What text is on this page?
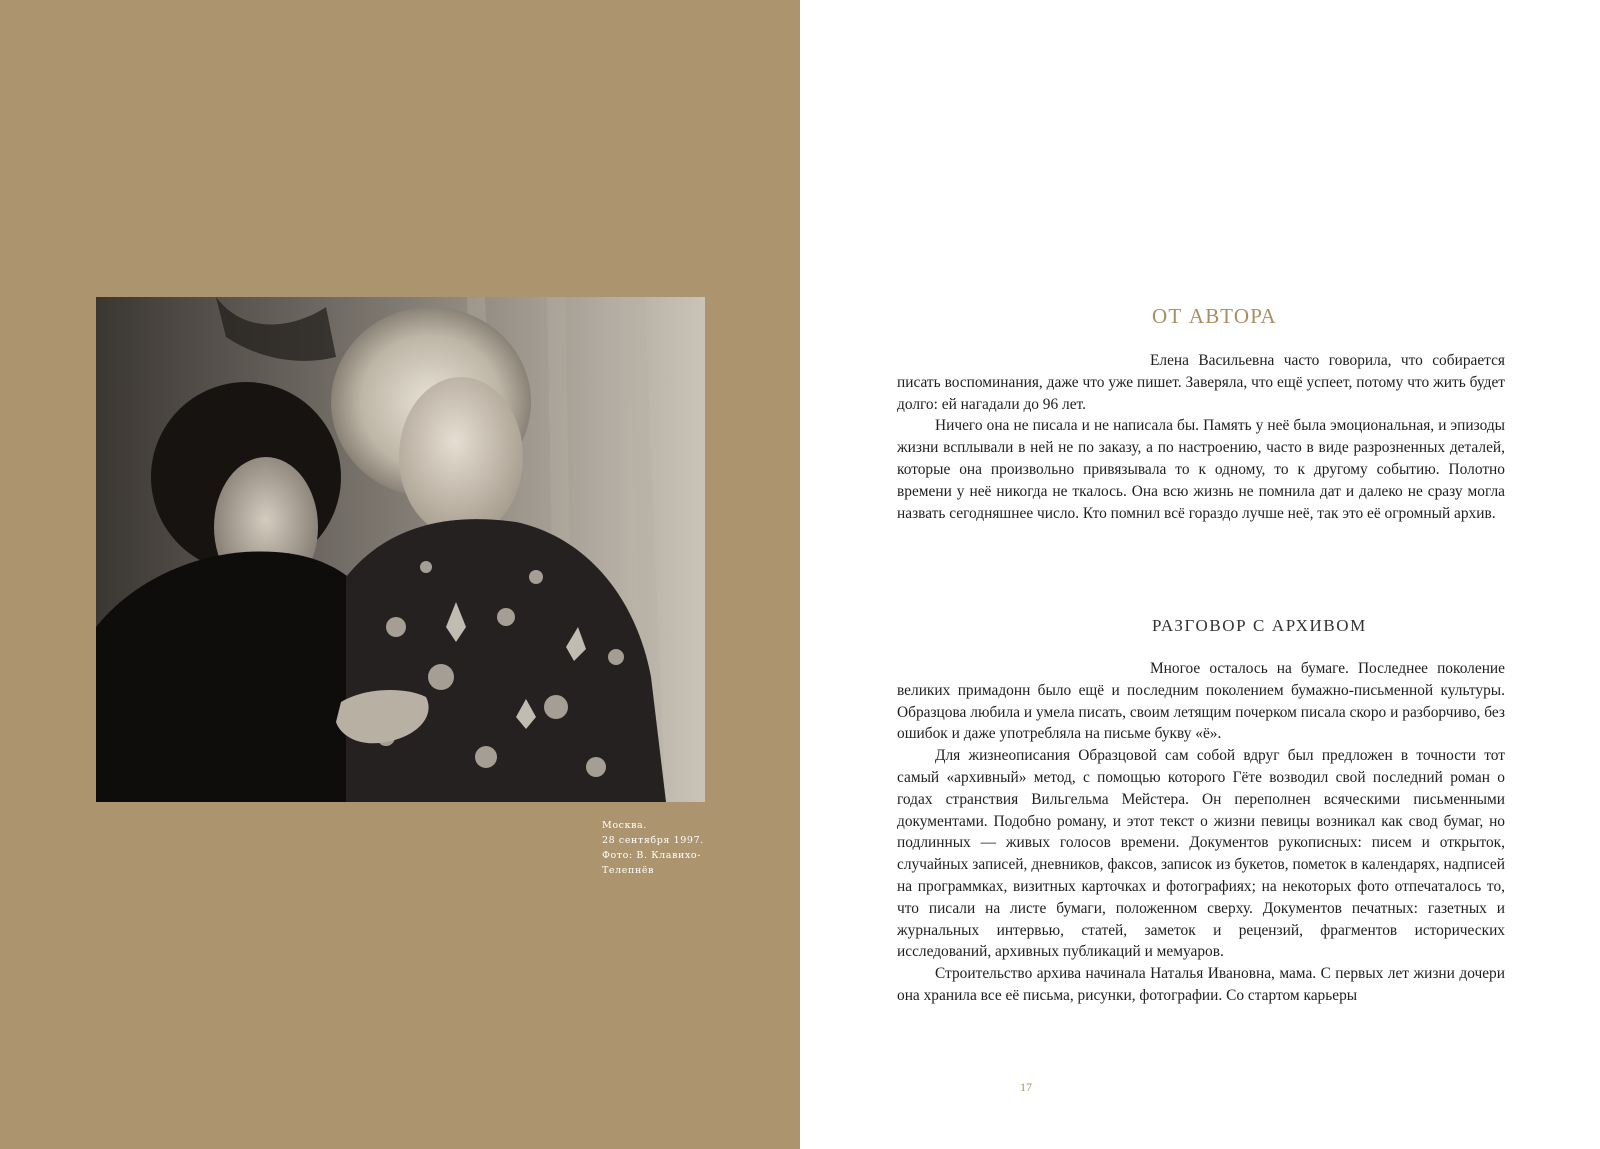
Москва.
28 сентября 1997.
Фото: В. Клавихо-
Телепнёв
ОТ АВТОРА

Елена Васильевна часто говорила, что собирается писать воспоминания, даже что уже пишет. Заверяла, что ещё успеет, потому что жить будет долго: ей нагадали до 96 лет.

Ничего она не писала и не написала бы. Память у неё была эмоциональная, и эпизоды жизни всплывали в ней не по заказу, а по настроению, часто в виде разрозненных деталей, которые она произвольно привязывала то к одному, то к другому событию. Полотно времени у неё никогда не ткалось. Она всю жизнь не помнила дат и далеко не сразу могла назвать сегодняшнее число. Кто помнил всё гораздо лучше неё, так это её огромный архив.

РАЗГОВОР С АРХИВОМ

Многое осталось на бумаге. Последнее поколение великих примадонн было ещё и последним поколением бумажно-письменной культуры. Образцова любила и умела писать, своим летящим почерком писала скоро и разборчиво, без ошибок и даже употребляла на письме букву «ё».

Для жизнеописания Образцовой сам собой вдруг был предложен в точности тот самый «архивный» метод, с помощью которого Гёте возводил свой последний роман о годах странствия Вильгельма Мейстера. Он переполнен всяческими письменными документами. Подобно роману, и этот текст о жизни певицы возникал как свод бумаг, но подлинных — живых голосов времени. Документов рукописных: писем и открыток, случайных записей, дневников, факсов, записок из букетов, пометок в календарях, надписей на программках, визитных карточках и фотографиях; на некоторых фото отпечаталось то, что писали на листе бумаги, положенном сверху. Документов печатных: газетных и журнальных интервью, статей, заметок и рецензий, фрагментов исторических исследований, архивных публикаций и мемуаров.

Строительство архива начинала Наталья Ивановна, мама. С первых лет жизни дочери она хранила все её письма, рисунки, фотографии. Со стартом карьеры

17
